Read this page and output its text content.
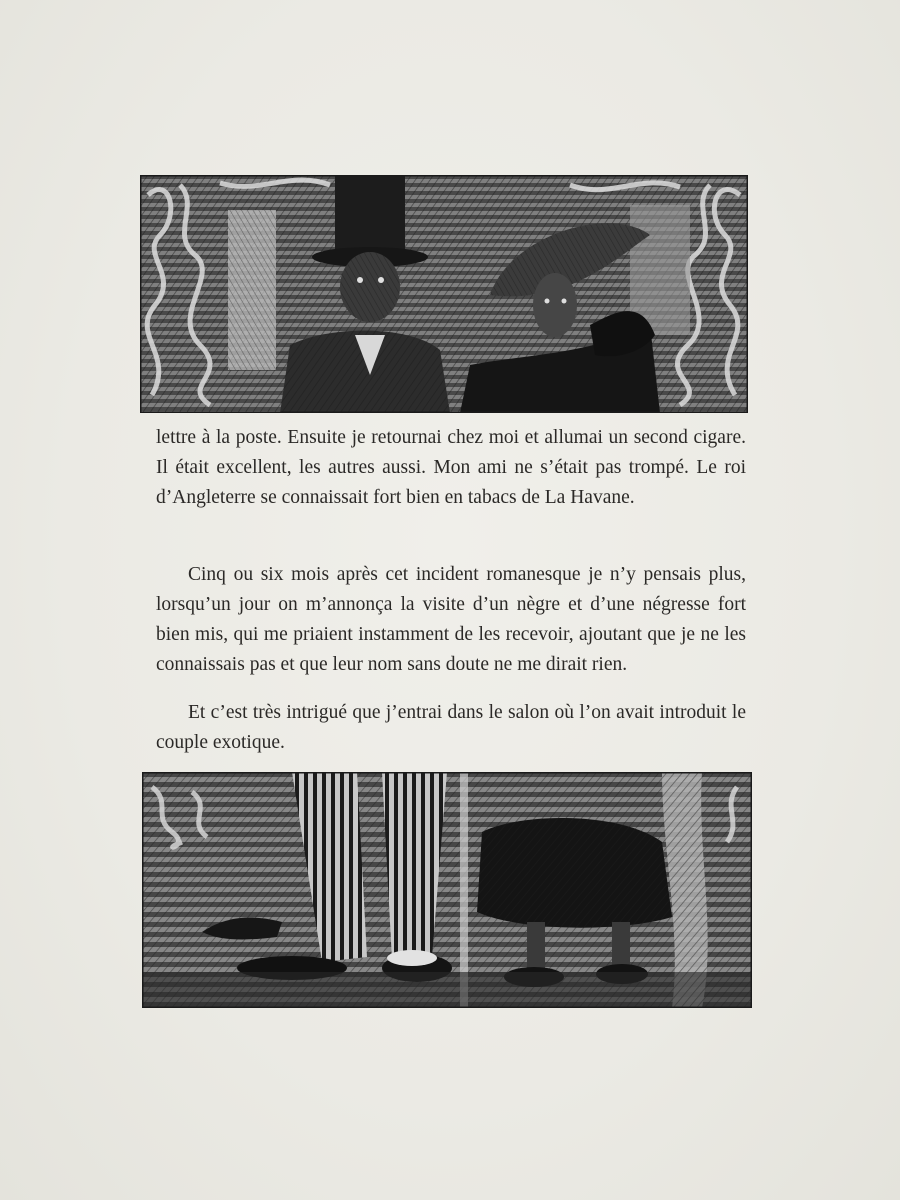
lettre à la poste. Ensuite je retournai chez moi et allumai un second cigare. Il était excellent, les autres aussi. Mon ami ne s’était pas trompé. Le roi d’Angleterre se connaissait fort bien en tabacs de La Havane.

Cinq ou six mois après cet incident romanesque je n’y pensais plus, lorsqu’un jour on m’annonça la visite d’un nègre et d’une négresse fort bien mis, qui me priaient instamment de les recevoir, ajoutant que je ne les connaissais pas et que leur nom sans doute ne me dirait rien.

Et c’est très intrigué que j’entrai dans le salon où l’on avait introduit le couple exotique.
